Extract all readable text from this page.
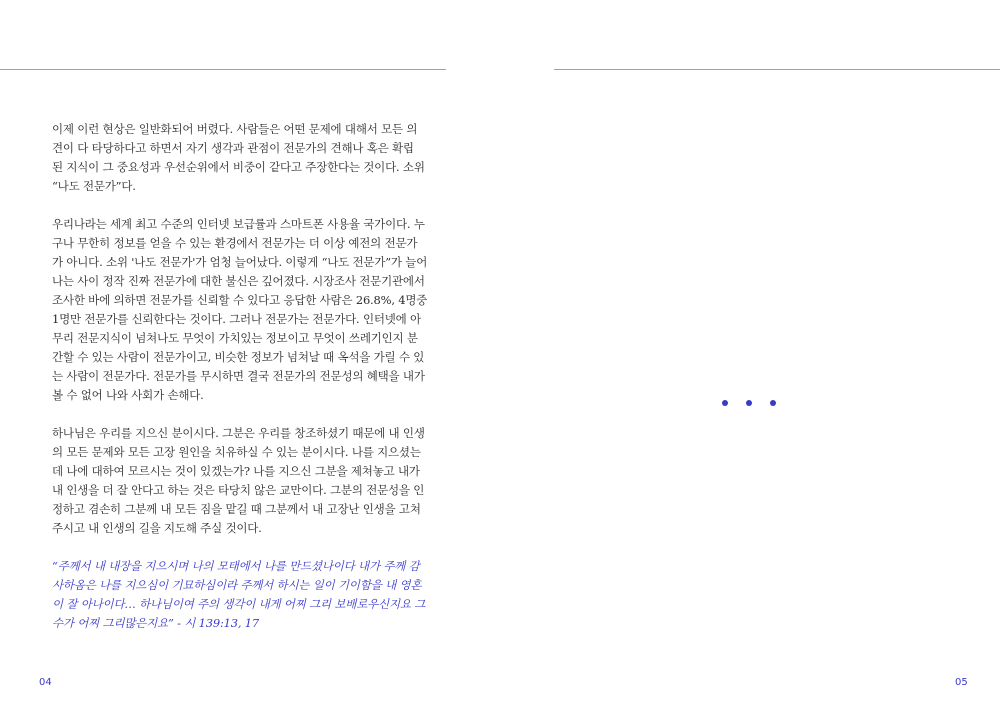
이제 이런 현상은 일반화되어 버렸다. 사람들은 어떤 문제에 대해서 모든 의
견이 다 타당하다고 하면서 자기 생각과 관점이 전문가의 견해나 혹은 확립
된 지식이 그 중요성과 우선순위에서 비중이 같다고 주장한다는 것이다. 소위
“나도 전문가”다.

우리나라는 세계 최고 수준의 인터넷 보급률과 스마트폰 사용율 국가이다. 누
구나 무한히 정보를 얻을 수 있는 환경에서 전문가는 더 이상 예전의 전문가
가 아니다. 소위 '나도 전문가'가 엄청 늘어났다. 이렇게 “나도 전문가”가 늘어
나는 사이 정작 진짜 전문가에 대한 불신은 깊어졌다. 시장조사 전문기관에서
조사한 바에 의하면 전문가를 신뢰할 수 있다고 응답한 사람은 26.8%, 4명중
1명만 전문가를 신뢰한다는 것이다. 그러나 전문가는 전문가다. 인터넷에 아
무리 전문지식이 넘쳐나도 무엇이 가치있는 정보이고 무엇이 쓰레기인지 분
간할 수 있는 사람이 전문가이고, 비슷한 정보가 넘쳐날 때 옥석을 가릴 수 있
는 사람이 전문가다. 전문가를 무시하면 결국 전문가의 전문성의 혜택을 내가
볼 수 없어 나와 사회가 손해다.

하나님은 우리를 지으신 분이시다. 그분은 우리를 창조하셨기 때문에 내 인생
의 모든 문제와 모든 고장 원인을 치유하실 수 있는 분이시다. 나를 지으셨는
데 나에 대하여 모르시는 것이 있겠는가? 나를 지으신 그분을 제쳐놓고 내가
내 인생을 더 잘 안다고 하는 것은 타당치 않은 교만이다. 그분의 전문성을 인
정하고 겸손히 그분께 내 모든 짐을 맡길 때 그분께서 내 고장난 인생을 고쳐
주시고 내 인생의 길을 지도해 주실 것이다.

“주께서 내 내장을 지으시며 나의 모태에서 나를 만드셨나이다 내가 주께 감
사하옴은 나를 지으심이 기묘하심이라 주께서 하시는 일이 기이함을 내 영혼
이 잘 아나이다… 하나님이여 주의 생각이 내게 어찌 그리 보배로우신지요 그
수가 어찌 그리많은지요” - 시 139:13, 17

04	05
